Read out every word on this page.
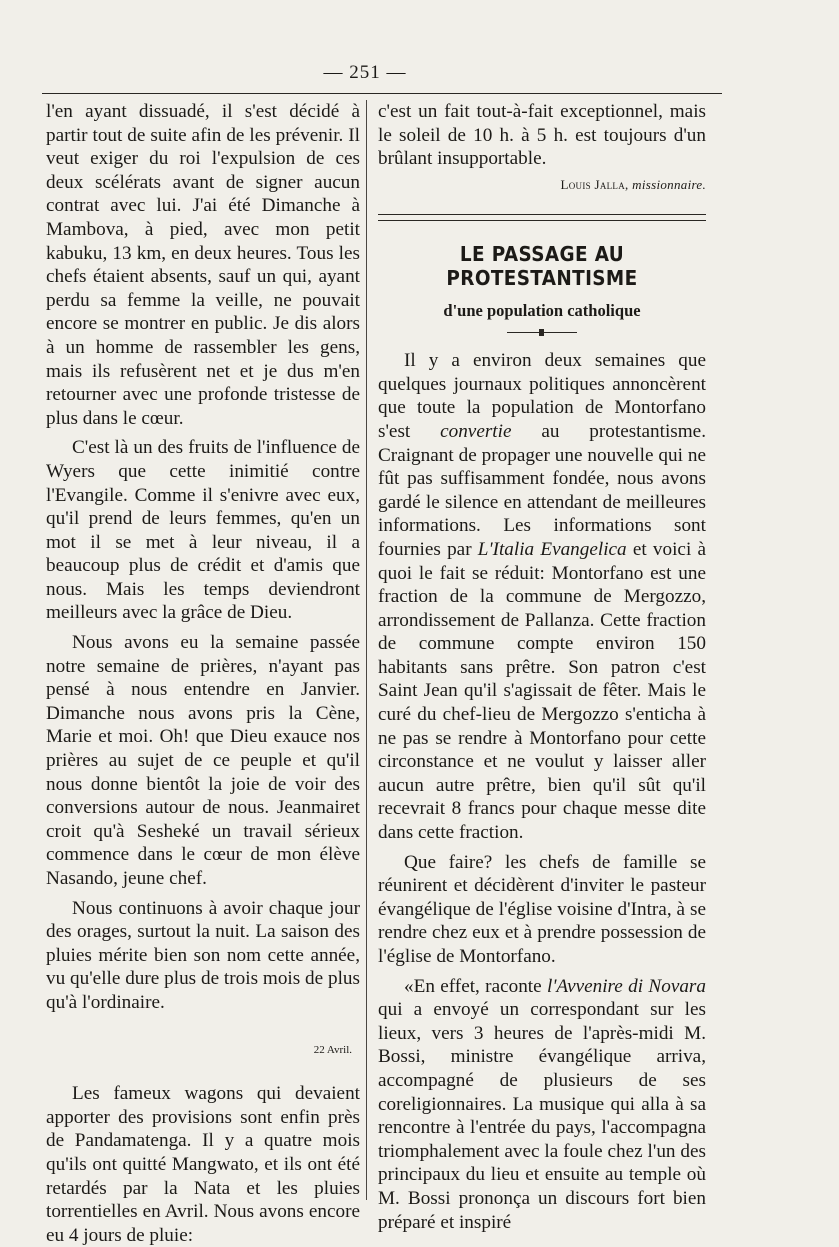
— 251 —

l'en ayant dissuadé, il s'est décidé à partir tout de suite afin de les prévenir. Il veut exiger du roi l'expulsion de ces deux scélérats avant de signer aucun contrat avec lui. J'ai été Dimanche à Mambova, à pied, avec mon petit kabuku, 13 km, en deux heures. Tous les chefs étaient absents, sauf un qui, ayant perdu sa femme la veille, ne pouvait encore se montrer en public. Je dis alors à un homme de rassembler les gens, mais ils refusèrent net et je dus m'en retourner avec une profonde tristesse de plus dans le cœur.

C'est là un des fruits de l'influence de Wyers que cette inimitié contre l'Evangile. Comme il s'enivre avec eux, qu'il prend de leurs femmes, qu'en un mot il se met à leur niveau, il a beaucoup plus de crédit et d'amis que nous. Mais les temps deviendront meilleurs avec la grâce de Dieu.

Nous avons eu la semaine passée notre semaine de prières, n'ayant pas pensé à nous entendre en Janvier. Dimanche nous avons pris la Cène, Marie et moi. Oh! que Dieu exauce nos prières au sujet de ce peuple et qu'il nous donne bientôt la joie de voir des conversions autour de nous. Jeanmairet croit qu'à Sesheké un travail sérieux commence dans le cœur de mon élève Nasando, jeune chef.

Nous continuons à avoir chaque jour des orages, surtout la nuit. La saison des pluies mérite bien son nom cette année, vu qu'elle dure plus de trois mois de plus qu'à l'ordinaire.

22 Avril.

Les fameux wagons qui devaient apporter des provisions sont enfin près de Pandamatenga. Il y a quatre mois qu'ils ont quitté Mangwato, et ils ont été retardés par la Nata et les pluies torrentielles en Avril. Nous avons encore eu 4 jours de pluie:

c'est un fait tout-à-fait exceptionnel, mais le soleil de 10 h. à 5 h. est toujours d'un brûlant insupportable.

Louis Jalla, missionnaire.
LE PASSAGE AU PROTESTANTISME
d'une population catholique

Il y a environ deux semaines que quelques journaux politiques annoncèrent que toute la population de Montorfano s'est convertie au protestantisme. Craignant de propager une nouvelle qui ne fût pas suffisamment fondée, nous avons gardé le silence en attendant de meilleures informations. Les informations sont fournies par L'Italia Evangelica et voici à quoi le fait se réduit: Montorfano est une fraction de la commune de Mergozzo, arrondissement de Pallanza. Cette fraction de commune compte environ 150 habitants sans prêtre. Son patron c'est Saint Jean qu'il s'agissait de fêter. Mais le curé du chef-lieu de Mergozzo s'enticha à ne pas se rendre à Montorfano pour cette circonstance et ne voulut y laisser aller aucun autre prêtre, bien qu'il sût qu'il recevrait 8 francs pour chaque messe dite dans cette fraction.

Que faire? les chefs de famille se réunirent et décidèrent d'inviter le pasteur évangélique de l'église voisine d'Intra, à se rendre chez eux et à prendre possession de l'église de Montorfano.

«En effet, raconte l'Avvenire di Novara qui a envoyé un correspondant sur les lieux, vers 3 heures de l'après-midi M. Bossi, ministre évangélique arriva, accompagné de plusieurs de ses coreligionnaires. La musique qui alla à sa rencontre à l'entrée du pays, l'accompagna triomphalement avec la foule chez l'un des principaux du lieu et ensuite au temple où M. Bossi prononça un discours fort bien préparé et inspiré
